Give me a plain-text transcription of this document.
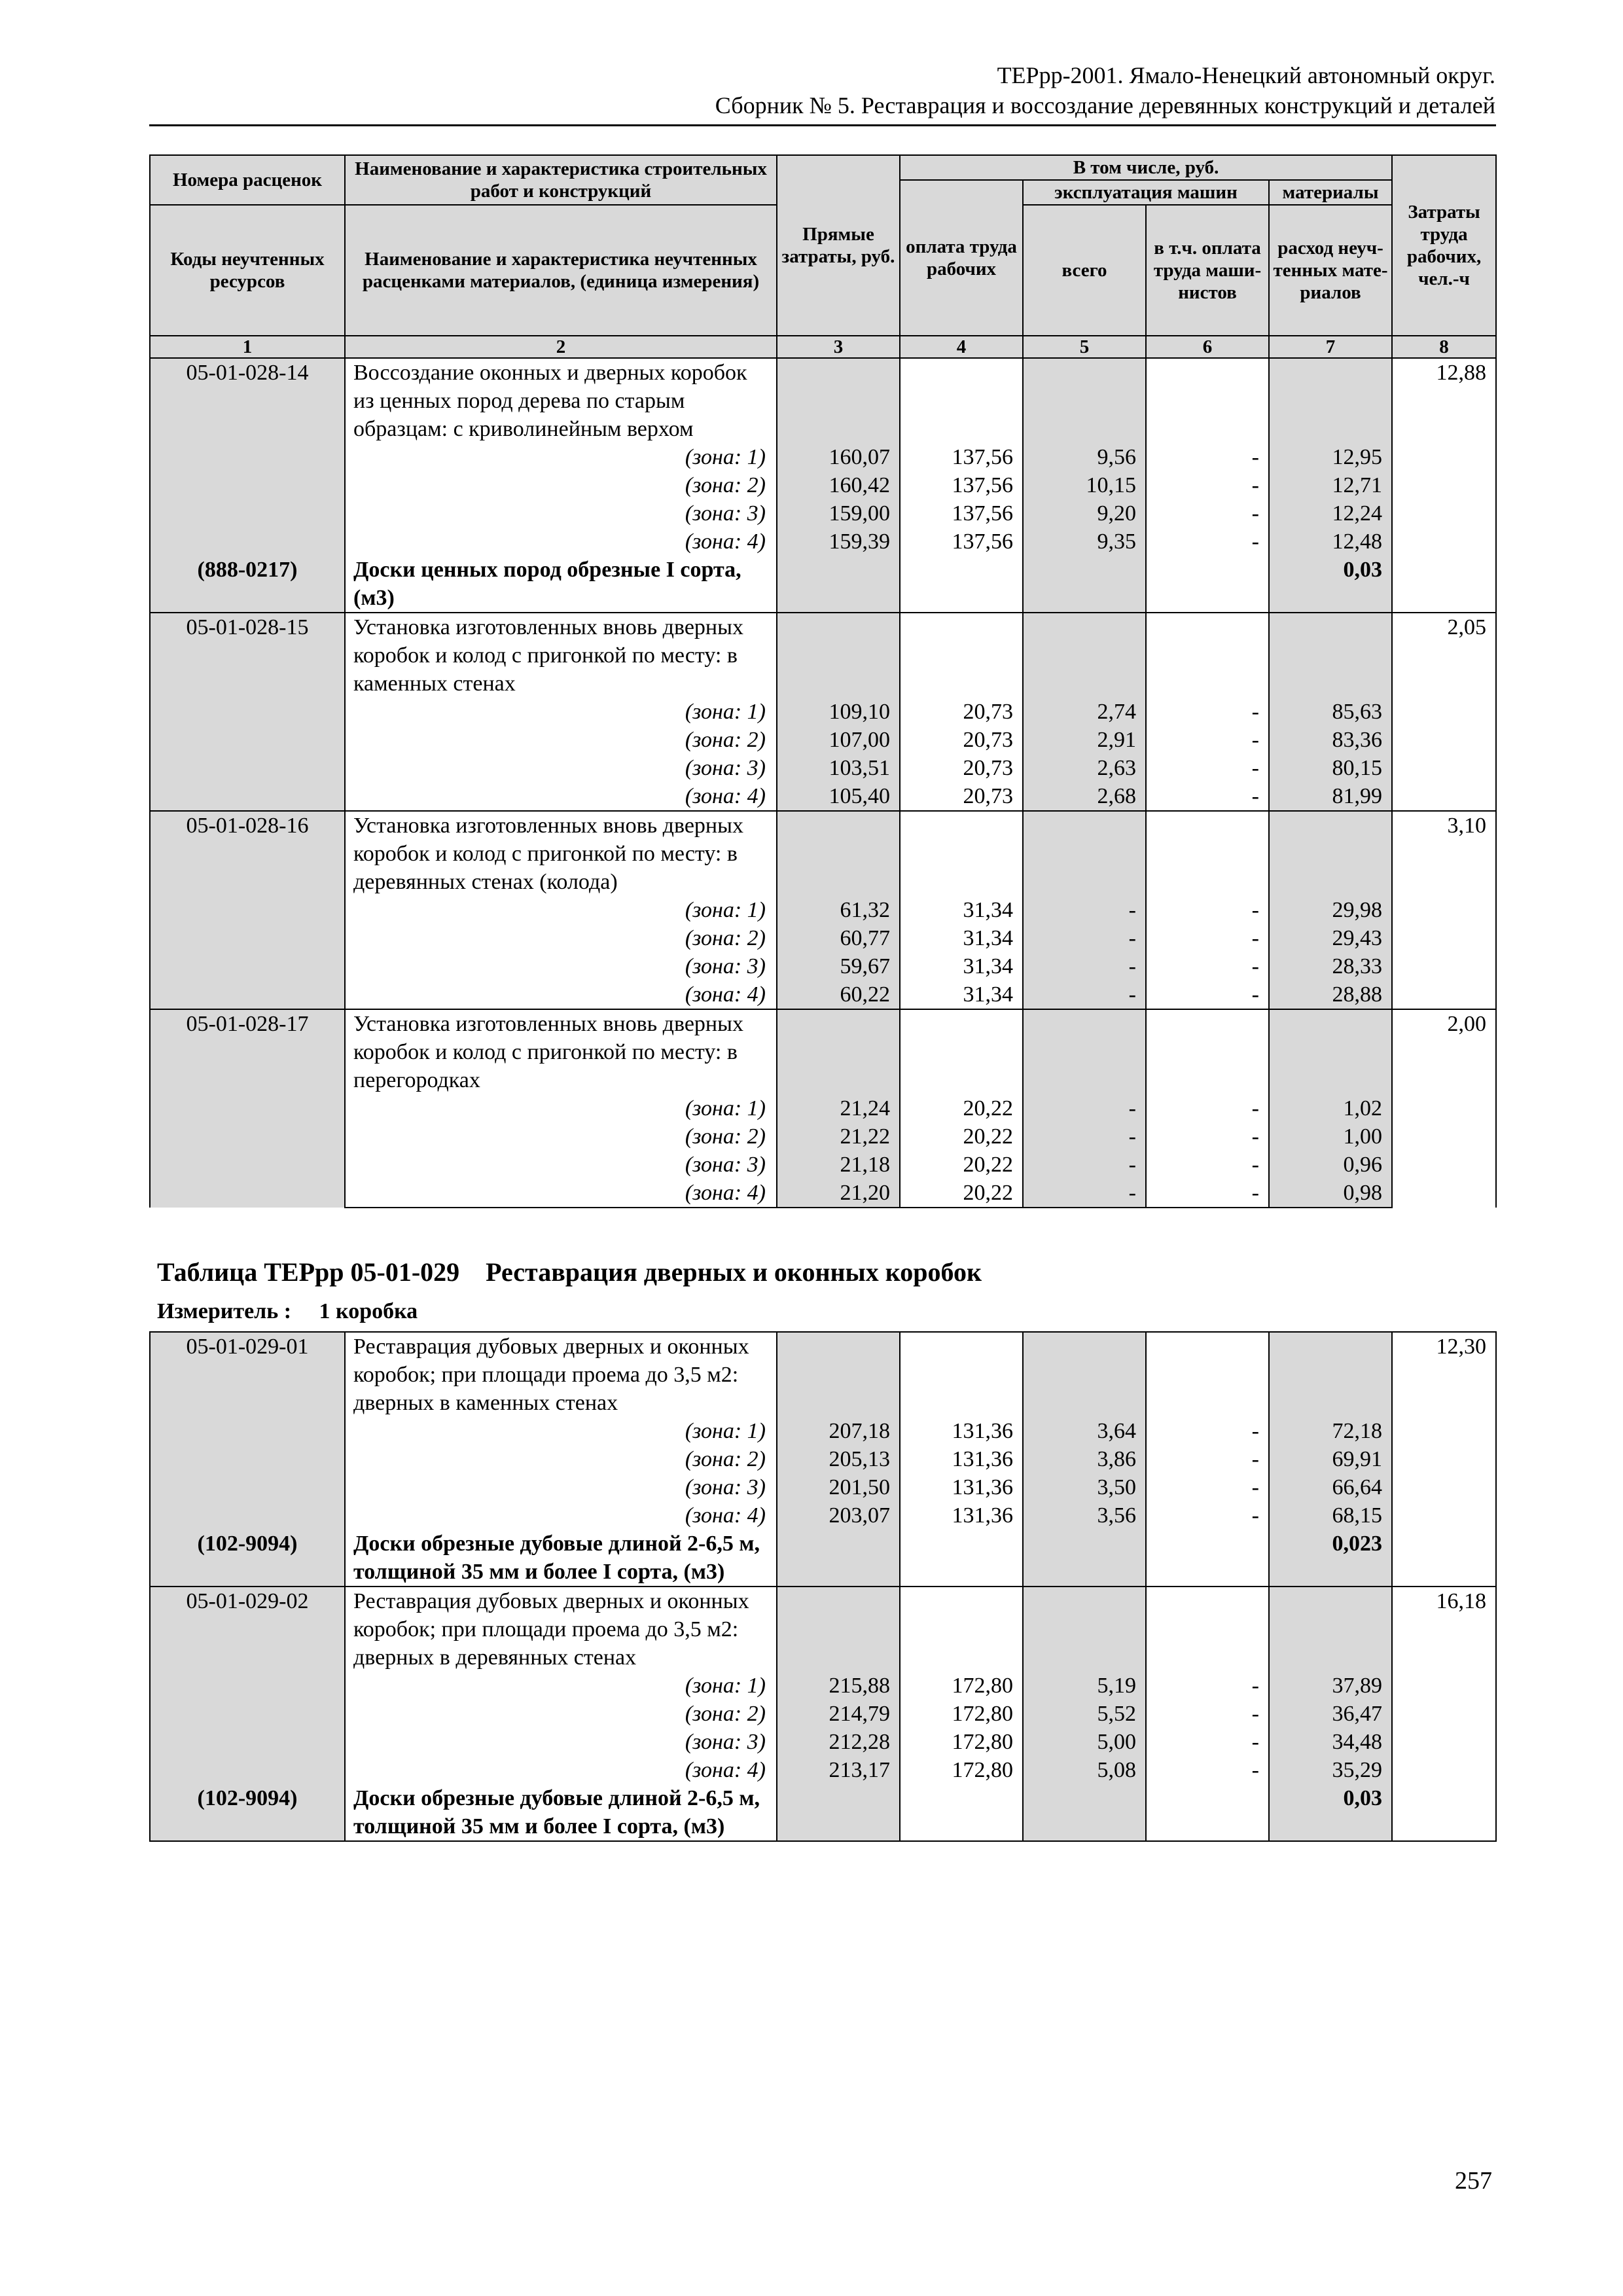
ТЕРрр-2001. Ямало-Ненецкий автономный округ.
Сборник № 5. Реставрация и воссоздание деревянных конструкций и деталей
Номера расценок	Наименование и характеристика строительных работ и конструкций	Прямые затраты, руб.	В том числе, руб.				Затраты труда рабочих, чел.-ч
			оплата труда рабочих	эксплуатация машин		материалы	
Коды неучтенных ресурсов	Наименование и характеристика неучтенных расценками материалов, (единица измерения)			всего	в т.ч. оплата труда маши-нистов	расход неуч-тенных мате-риалов	

1	2	3	4	5	6	7	8
05-01-028-14	Воссоздание оконных и дверных коробок из ценных пород дерева по старым образцам: с криволинейным верхом						12,88
	(зона: 1)	160,07	137,56	9,56	-	12,95	
	(зона: 2)	160,42	137,56	10,15	-	12,71	
	(зона: 3)	159,00	137,56	9,20	-	12,24	
	(зона: 4)	159,39	137,56	9,35	-	12,48	
(888-0217)	Доски ценных пород обрезные I сорта, (м3)					0,03	
05-01-028-15	Установка изготовленных вновь дверных коробок и колод с пригонкой по месту: в каменных стенах						2,05
	(зона: 1)	109,10	20,73	2,74	-	85,63	
	(зона: 2)	107,00	20,73	2,91	-	83,36	
	(зона: 3)	103,51	20,73	2,63	-	80,15	
	(зона: 4)	105,40	20,73	2,68	-	81,99	
05-01-028-16	Установка изготовленных вновь дверных коробок и колод с пригонкой по месту: в деревянных стенах (колода)						3,10
	(зона: 1)	61,32	31,34	-	-	29,98	
	(зона: 2)	60,77	31,34	-	-	29,43	
	(зона: 3)	59,67	31,34	-	-	28,33	
	(зона: 4)	60,22	31,34	-	-	28,88	
05-01-028-17	Установка изготовленных вновь дверных коробок и колод с пригонкой по месту: в перегородках						2,00
	(зона: 1)	21,24	20,22	-	-	1,02	
	(зона: 2)	21,22	20,22	-	-	1,00	
	(зона: 3)	21,18	20,22	-	-	0,96	
	(зона: 4)	21,20	20,22	-	-	0,98	
Таблица ТЕРрр 05-01-029    Реставрация дверных и оконных коробок
Измеритель :     1 коробка
05-01-029-01	Реставрация дубовых дверных и оконных коробок; при площади проема до 3,5 м2: дверных в каменных стенах						12,30
	(зона: 1)	207,18	131,36	3,64	-	72,18	
	(зона: 2)	205,13	131,36	3,86	-	69,91	
	(зона: 3)	201,50	131,36	3,50	-	66,64	
	(зона: 4)	203,07	131,36	3,56	-	68,15	
(102-9094)	Доски обрезные дубовые длиной 2-6,5 м, толщиной 35 мм и более I сорта, (м3)					0,023	
05-01-029-02	Реставрация дубовых дверных и оконных коробок; при площади проема до 3,5 м2: дверных в деревянных стенах						16,18
	(зона: 1)	215,88	172,80	5,19	-	37,89	
	(зона: 2)	214,79	172,80	5,52	-	36,47	
	(зона: 3)	212,28	172,80	5,00	-	34,48	
	(зона: 4)	213,17	172,80	5,08	-	35,29	
(102-9094)	Доски обрезные дубовые длиной 2-6,5 м, толщиной 35 мм и более I сорта, (м3)					0,03	
257
